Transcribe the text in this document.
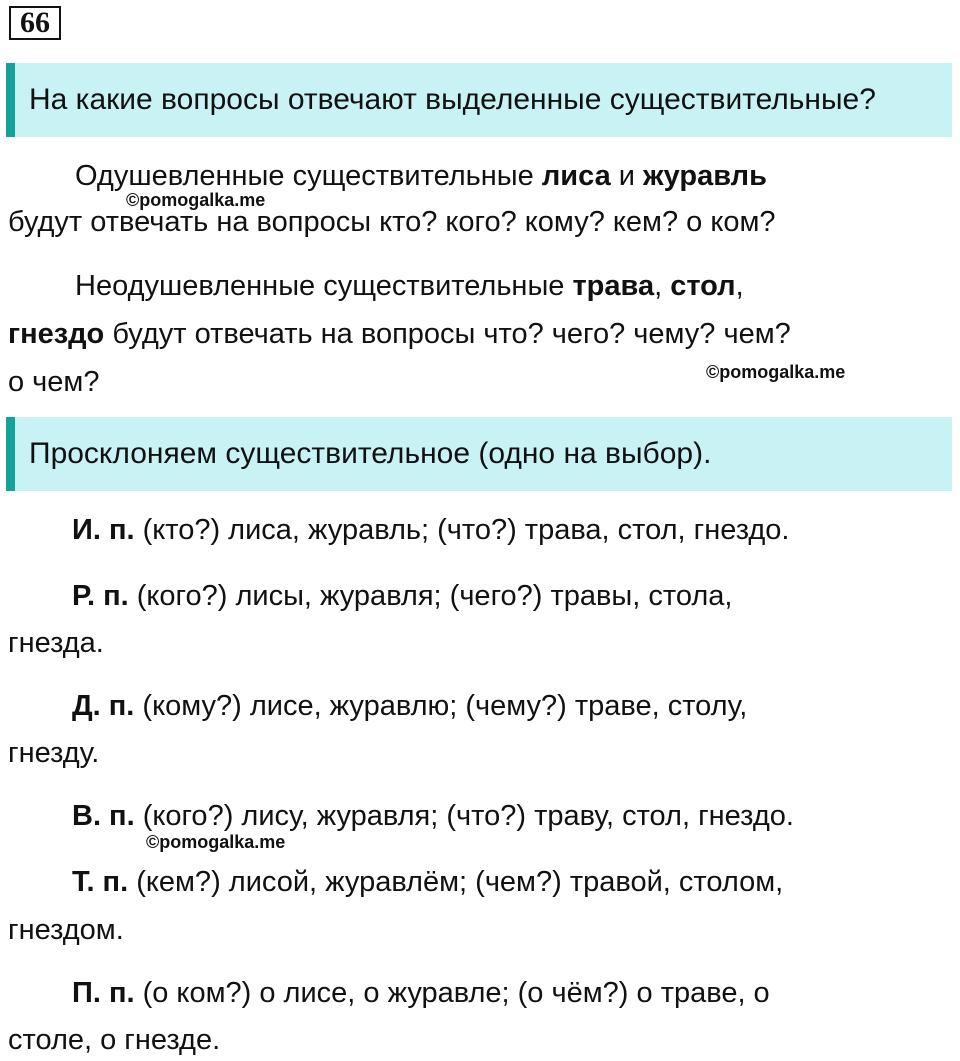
66
На какие вопросы отвечают выделенные существительные?
Одушевленные существительные лиса и журавль
©pomogalka.me
будут отвечать на вопросы кто? кого? кому? кем? о ком?
Неодушевленные существительные трава, стол,
гнездо будут отвечать на вопросы что? чего? чему? чем?
о чем?	©pomogalka.me
Просклоняем существительное (одно на выбор).
И. п. (кто?) лиса, журавль; (что?) трава, стол, гнездо.
Р. п. (кого?) лисы, журавля; (чего?) травы, стола,
гнезда.
Д. п. (кому?) лисе, журавлю; (чему?) траве, столу,
гнезду.
В. п. (кого?) лису, журавля; (что?) траву, стол, гнездо.
©pomogalka.me
Т. п. (кем?) лисой, журавлём; (чем?) травой, столом,
гнездом.
П. п. (о ком?) о лисе, о журавле; (о чём?) о траве, о
столе, о гнезде.
